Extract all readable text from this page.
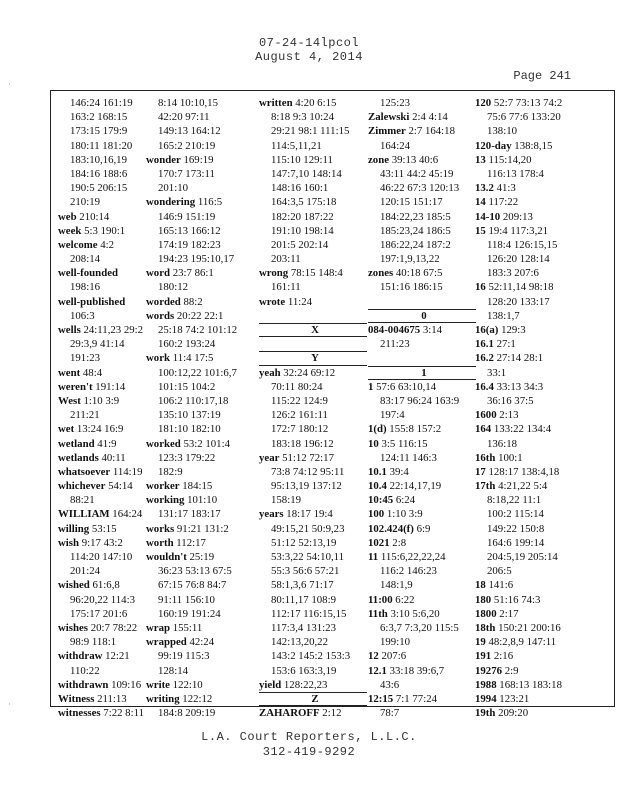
07-24-14lpcol
August 4, 2014
Page 241
·
·
146:24 161:19
163:2 168:15
173:15 179:9
180:11 181:20
183:10,16,19
184:16 188:6
190:5 206:15
210:19
web 210:14
week 5:3 190:1
welcome 4:2
208:14
well-founded
198:16
well-published
106:3
wells 24:11,23 29:2
29:3,9 41:14
191:23
went 48:4
weren't 191:14
West 1:10 3:9
211:21
wet 13:24 16:9
wetland 41:9
wetlands 40:11
whatsoever 114:19
whichever 54:14
88:21
WILLIAM 164:24
willing 53:15
wish 9:17 43:2
114:20 147:10
201:24
wished 61:6,8
96:20,22 114:3
175:17 201:6
wishes 20:7 78:22
98:9 118:1
withdraw 12:21
110:22
withdrawn 109:16
Witness 211:13
witnesses 7:22 8:11
8:14 10:10,15
42:20 97:11
149:13 164:12
165:2 210:19
wonder 169:19
170:7 173:11
201:10
wondering 116:5
146:9 151:19
165:13 166:12
174:19 182:23
194:23 195:10,17
word 23:7 86:1
180:12
worded 88:2
words 20:22 22:1
25:18 74:2 101:12
160:2 193:24
work 11:4 17:5
100:12,22 101:6,7
101:15 104:2
106:2 110:17,18
135:10 137:19
181:10 182:10
worked 53:2 101:4
123:3 179:22
182:9
worker 184:15
working 101:10
131:17 183:17
works 91:21 131:2
worth 112:17
wouldn't 25:19
36:23 53:13 67:5
67:15 76:8 84:7
91:11 156:10
160:19 191:24
wrap 155:11
wrapped 42:24
99:19 115:3
128:14
write 122:10
writing 122:12
184:8 209:19
written 4:20 6:15
8:18 9:3 10:24
29:21 98:1 111:15
114:5,11,21
115:10 129:11
147:7,10 148:14
148:16 160:1
164:3,5 175:18
182:20 187:22
191:10 198:14
201:5 202:14
203:11
wrong 78:15 148:4
161:11
wrote 11:24
X
Y
yeah 32:24 69:12
70:11 80:24
115:22 124:9
126:2 161:11
172:7 180:12
183:18 196:12
year 51:12 72:17
73:8 74:12 95:11
95:13,19 137:12
158:19
years 18:17 19:4
49:15,21 50:9,23
51:12 52:13,19
53:3,22 54:10,11
55:3 56:6 57:21
58:1,3,6 71:17
80:11,17 108:9
112:17 116:15,15
117:3,4 131:23
142:13,20,22
143:2 145:2 153:3
153:6 163:3,19
yield 128:22,23
Z
ZAHAROFF 2:12
125:23
Zalewski 2:4 4:14
Zimmer 2:7 164:18
164:24
zone 39:13 40:6
43:11 44:2 45:19
46:22 67:3 120:13
120:15 151:17
184:22,23 185:5
185:23,24 186:5
186:22,24 187:2
197:1,9,13,22
zones 40:18 67:5
151:16 186:15
0
084-004675 3:14
211:23
1
1 57:6 63:10,14
83:17 96:24 163:9
197:4
1(d) 155:8 157:2
10 3:5 116:15
124:11 146:3
10.1 39:4
10.4 22:14,17,19
10:45 6:24
100 1:10 3:9
102.424(f) 6:9
1021 2:8
11 115:6,22,22,24
116:2 146:23
148:1,9
11:00 6:22
11th 3:10 5:6,20
6:3,7 7:3,20 115:5
199:10
12 207:6
12.1 33:18 39:6,7
43:6
12:15 7:1 77:24
78:7
120 52:7 73:13 74:2
75:6 77:6 133:20
138:10
120-day 138:8,15
13 115:14,20
116:13 178:4
13.2 41:3
14 117:22
14-10 209:13
15 19:4 117:3,21
118:4 126:15,15
126:20 128:14
183:3 207:6
16 52:11,14 98:18
128:20 133:17
138:1,7
16(a) 129:3
16.1 27:1
16.2 27:14 28:1
33:1
16.4 33:13 34:3
36:16 37:5
1600 2:13
164 133:22 134:4
136:18
16th 100:1
17 128:17 138:4,18
17th 4:21,22 5:4
8:18,22 11:1
100:2 115:14
149:22 150:8
164:6 199:14
204:5,19 205:14
206:5
18 141:6
180 51:16 74:3
1800 2:17
18th 150:21 200:16
19 48:2,8,9 147:11
191 2:16
19276 2:9
1988 168:13 183:18
1994 123:21
19th 209:20
L.A. Court Reporters, L.L.C.
312-419-9292
